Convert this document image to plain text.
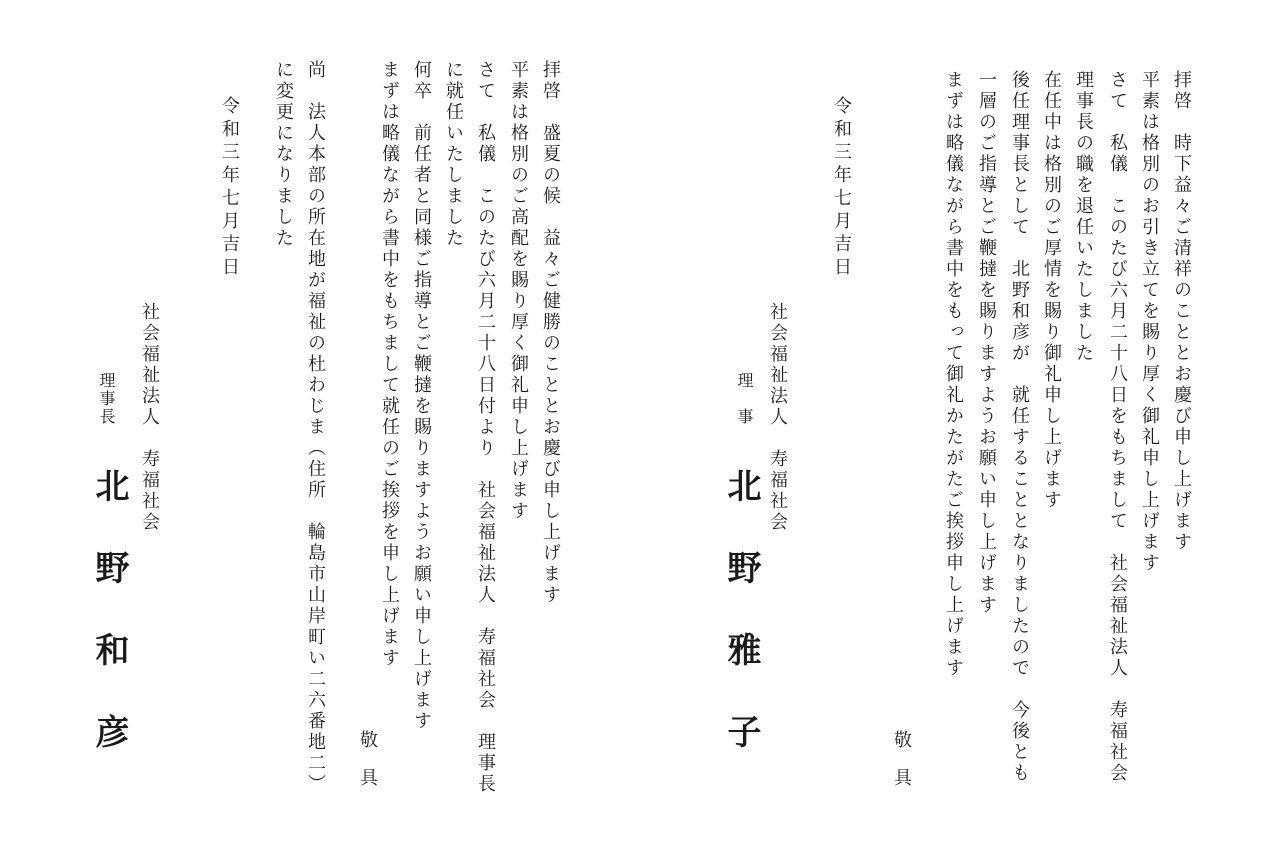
拝啓　時下益々ご清祥のこととお慶び申し上げます
平素は格別のお引き立てを賜り厚く御礼申し上げます
さて　私儀　このたび六月二十八日をもちまして　社会福祉法人　寿福社会
理事長の職を退任いたしました
在任中は格別のご厚情を賜り御礼申し上げます
後任理事長として　北野和彦が　就任することとなりましたので　今後とも
一層のご指導とご鞭撻を賜りますようお願い申し上げます
まずは略儀ながら書中をもって御礼かたがたご挨拶申し上げます
敬具
令和三年七月吉日
社会福祉法人　寿福社会
理　事
北野雅子
拝啓　盛夏の候　益々ご健勝のこととお慶び申し上げます
平素は格別のご高配を賜り厚く御礼申し上げます
さて　私儀　このたび六月二十八日付より　社会福祉法人　寿福社会　理事長
に就任いたしました
何卒　前任者と同様ご指導とご鞭撻を賜りますようお願い申し上げます
まずは略儀ながら書中をもちまして就任のご挨拶を申し上げます
敬具
尚　法人本部の所在地が福祉の杜わじま（住所　輪島市山岸町い二六番地二）
に変更になりました
令和三年七月吉日
社会福祉法人　寿福社会
理事長
北野和彦
